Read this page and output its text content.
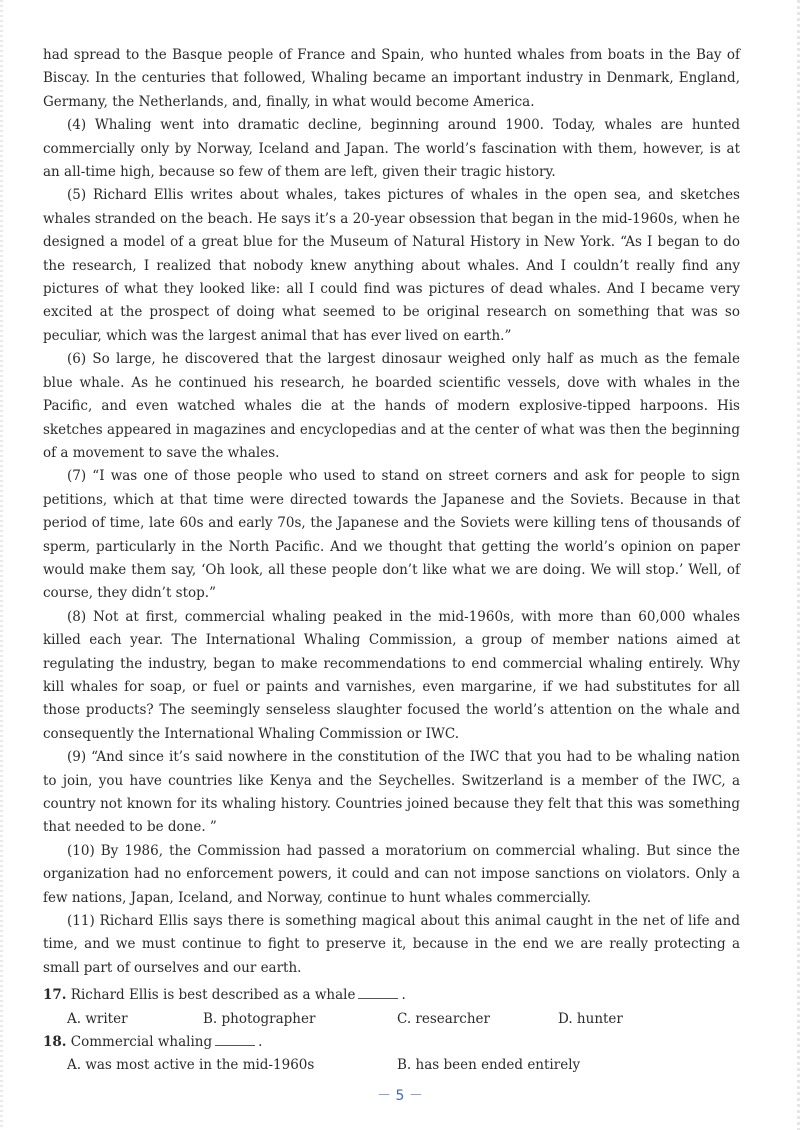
had spread to the Basque people of France and Spain, who hunted whales from boats in the Bay of Biscay. In the centuries that followed, Whaling became an important industry in Denmark, England, Germany, the Netherlands, and, finally, in what would become America.

(4) Whaling went into dramatic decline, beginning around 1900. Today, whales are hunted commercially only by Norway, Iceland and Japan. The world’s fascination with them, however, is at an all-time high, because so few of them are left, given their tragic history.

(5) Richard Ellis writes about whales, takes pictures of whales in the open sea, and sketches whales stranded on the beach. He says it’s a 20-year obsession that began in the mid-1960s, when he designed a model of a great blue for the Museum of Natural History in New York. “As I began to do the research, I realized that nobody knew anything about whales. And I couldn’t really find any pictures of what they looked like: all I could find was pictures of dead whales. And I became very excited at the prospect of doing what seemed to be original research on something that was so peculiar, which was the largest animal that has ever lived on earth.”

(6) So large, he discovered that the largest dinosaur weighed only half as much as the female blue whale. As he continued his research, he boarded scientific vessels, dove with whales in the Pacific, and even watched whales die at the hands of modern explosive-tipped harpoons. His sketches appeared in magazines and encyclopedias and at the center of what was then the beginning of a movement to save the whales.

(7) “I was one of those people who used to stand on street corners and ask for people to sign petitions, which at that time were directed towards the Japanese and the Soviets. Because in that period of time, late 60s and early 70s, the Japanese and the Soviets were killing tens of thousands of sperm, particularly in the North Pacific. And we thought that getting the world’s opinion on paper would make them say, ‘Oh look, all these people don’t like what we are doing. We will stop.’ Well, of course, they didn’t stop.”

(8) Not at first, commercial whaling peaked in the mid-1960s, with more than 60,000 whales killed each year. The International Whaling Commission, a group of member nations aimed at regulating the industry, began to make recommendations to end commercial whaling entirely. Why kill whales for soap, or fuel or paints and varnishes, even margarine, if we had substitutes for all those products? The seemingly senseless slaughter focused the world’s attention on the whale and consequently the International Whaling Commission or IWC.

(9) “And since it’s said nowhere in the constitution of the IWC that you had to be whaling nation to join, you have countries like Kenya and the Seychelles. Switzerland is a member of the IWC, a country not known for its whaling history. Countries joined because they felt that this was something that needed to be done. ”

(10) By 1986, the Commission had passed a moratorium on commercial whaling. But since the organization had no enforcement powers, it could and can not impose sanctions on violators. Only a few nations, Japan, Iceland, and Norway, continue to hunt whales commercially.

(11) Richard Ellis says there is something magical about this animal caught in the net of life and time, and we must continue to fight to preserve it, because in the end we are really protecting a small part of ourselves and our earth.

17. Richard Ellis is best described as a whale	.
A. writer	B. photographer	C. researcher	D. hunter
18. Commercial whaling	.
A. was most active in the mid-1960s	B. has been ended entirely
－ 5 －
